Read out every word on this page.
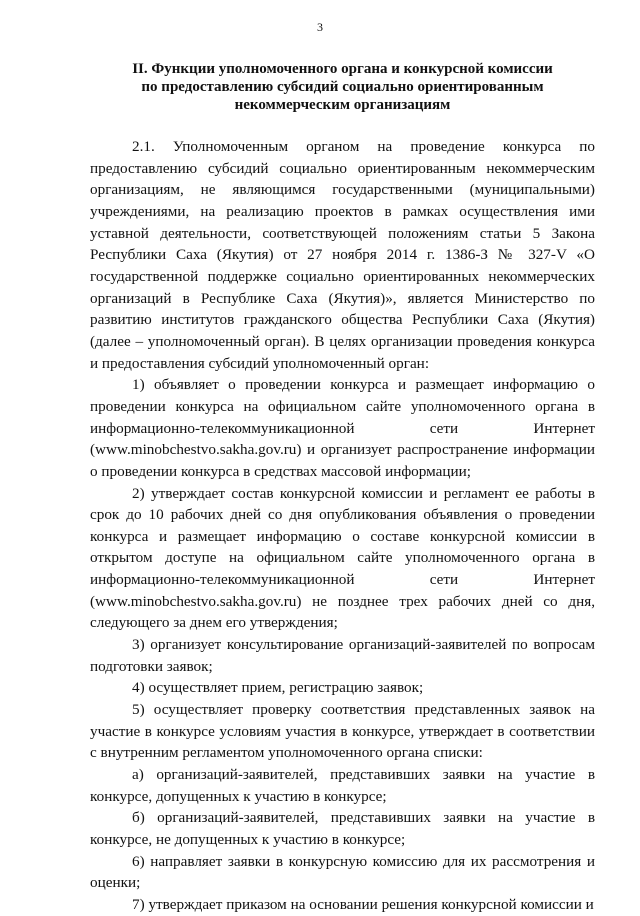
3
II. Функции уполномоченного органа и конкурсной комиссии
по предоставлению субсидий социально ориентированным
некоммерческим организациям

2.1. Уполномоченным органом на проведение конкурса по предоставлению субсидий социально ориентированным некоммерческим организациям, не являющимся государственными (муниципальными) учреждениями, на реализацию проектов в рамках осуществления ими уставной деятельности, соответствующей положениям статьи 5 Закона Республики Саха (Якутия) от 27 ноября 2014 г. 1386-З № 327-V «О государственной поддержке социально ориентированных некоммерческих организаций в Республике Саха (Якутия)», является Министерство по развитию институтов гражданского общества Республики Саха (Якутия) (далее – уполномоченный орган). В целях организации проведения конкурса и предоставления субсидий уполномоченный орган:

1) объявляет о проведении конкурса и размещает информацию о проведении конкурса на официальном сайте уполномоченного органа в информационно-телекоммуникационной сети Интернет (www.minobchestvo.sakha.gov.ru) и организует распространение информации о проведении конкурса в средствах массовой информации;

2) утверждает состав конкурсной комиссии и регламент ее работы в срок до 10 рабочих дней со дня опубликования объявления о проведении конкурса и размещает информацию о составе конкурсной комиссии в открытом доступе на официальном сайте уполномоченного органа в информационно-телекоммуникационной сети Интернет (www.minobchestvo.sakha.gov.ru) не позднее трех рабочих дней со дня, следующего за днем его утверждения;

3) организует консультирование организаций-заявителей по вопросам подготовки заявок;

4) осуществляет прием, регистрацию заявок;

5) осуществляет проверку соответствия представленных заявок на участие в конкурсе условиям участия в конкурсе, утверждает в соответствии с внутренним регламентом уполномоченного органа списки:

а) организаций-заявителей, представивших заявки на участие в конкурсе, допущенных к участию в конкурсе;

б) организаций-заявителей, представивших заявки на участие в конкурсе, не допущенных к участию в конкурсе;

6) направляет заявки в конкурсную комиссию для их рассмотрения и оценки;

7) утверждает приказом на основании решения конкурсной комиссии и
